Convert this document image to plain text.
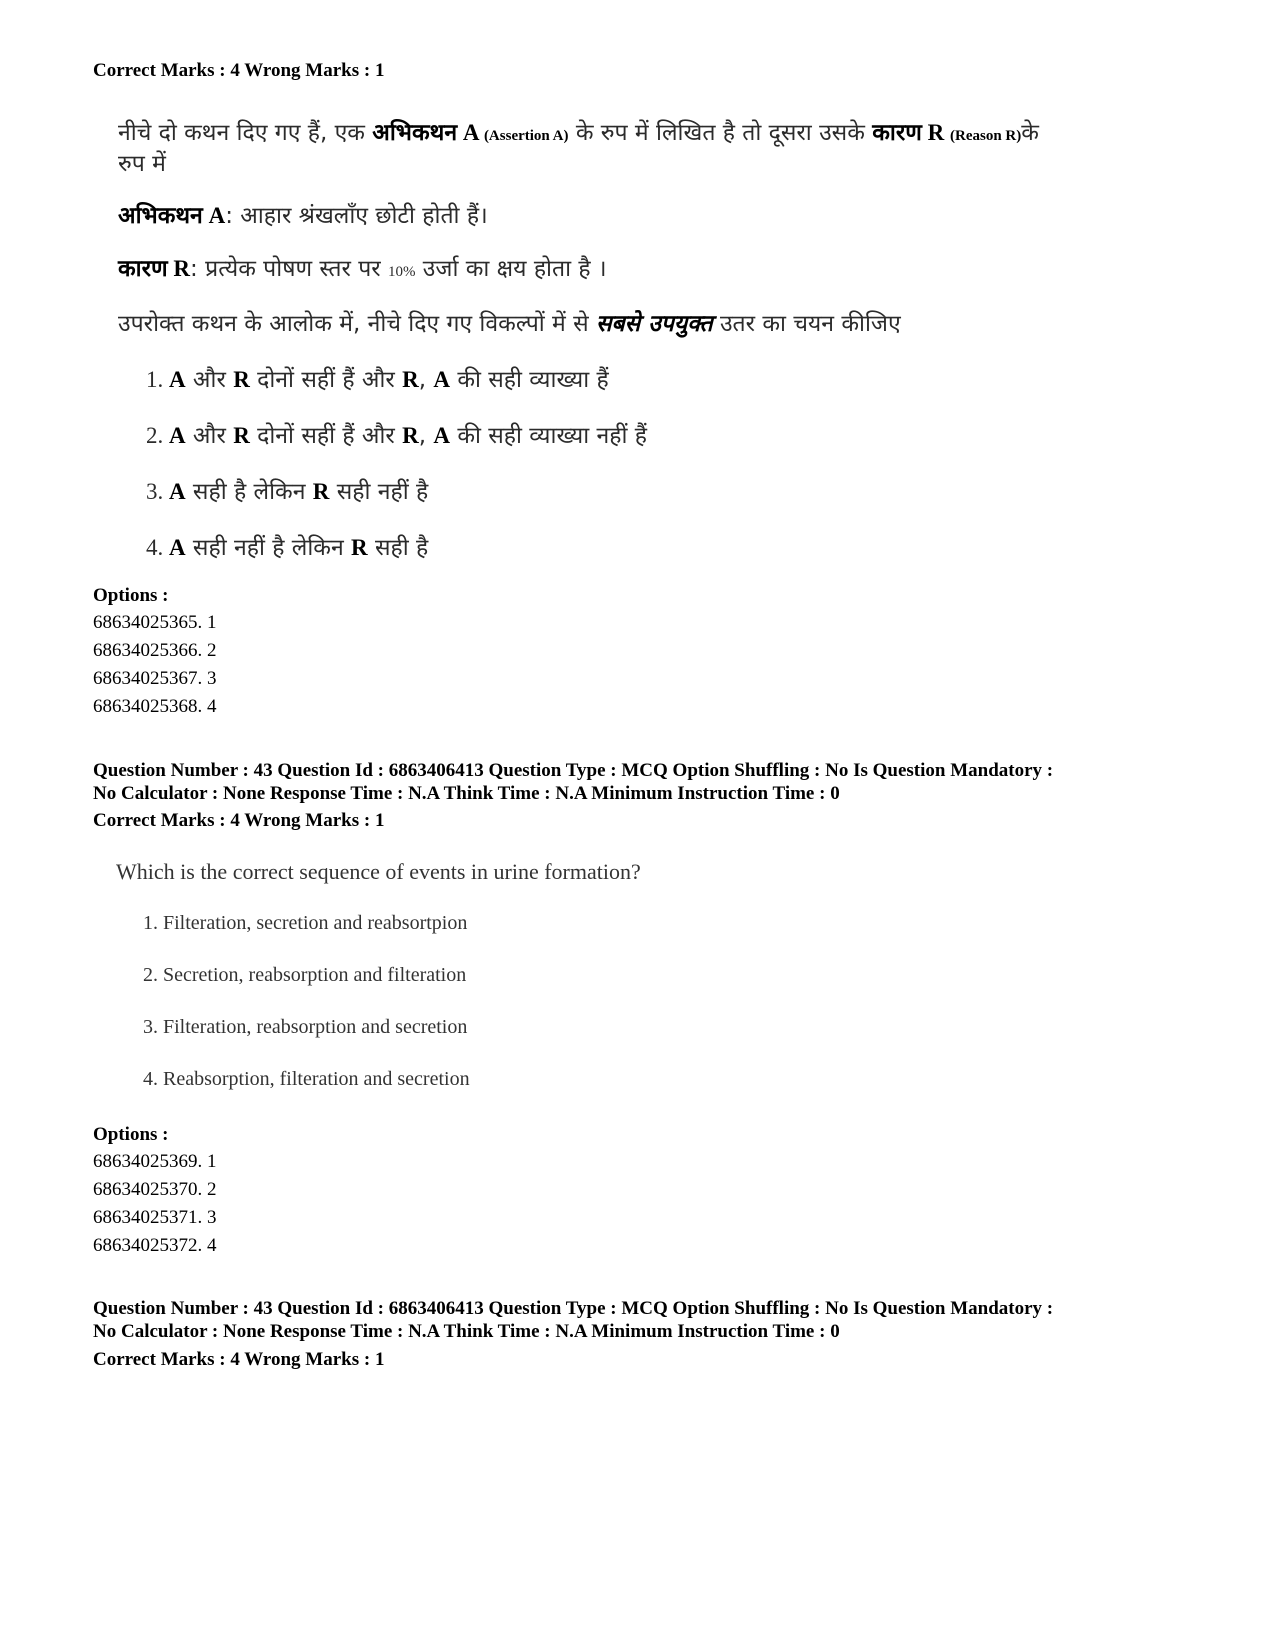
Correct Marks : 4 Wrong Marks : 1
नीचे दो कथन दिए गए हैं, एक अभिकथन A (Assertion A) के रुप में लिखित है तो दूसरा उसके कारण R (Reason R)के
रुप में
अभिकथन A: आहार श्रंखलाँए छोटी होती हैं।
कारण R: प्रत्येक पोषण स्तर पर 10% उर्जा का क्षय होता है ।
उपरोक्त कथन के आलोक में, नीचे दिए गए विकल्पों में से सबसे उपयुक्त उतर का चयन कीजिए
1. A और R दोनों सहीं हैं और R, A की सही व्याख्या हैं
2. A और R दोनों सहीं हैं और R, A की सही व्याख्या नहीं हैं
3. A सही है लेकिन R सही नहीं है
4. A सही नहीं है लेकिन R सही है
Options :
68634025365. 1
68634025366. 2
68634025367. 3
68634025368. 4
Question Number : 43 Question Id : 6863406413 Question Type : MCQ Option Shuffling : No Is Question Mandatory :
No Calculator : None Response Time : N.A Think Time : N.A Minimum Instruction Time : 0
Correct Marks : 4 Wrong Marks : 1
Which is the correct sequence of events in urine formation?
1. Filteration, secretion and reabsortpion
2. Secretion, reabsorption and filteration
3. Filteration, reabsorption and secretion
4. Reabsorption, filteration and secretion
Options :
68634025369. 1
68634025370. 2
68634025371. 3
68634025372. 4
Question Number : 43 Question Id : 6863406413 Question Type : MCQ Option Shuffling : No Is Question Mandatory :
No Calculator : None Response Time : N.A Think Time : N.A Minimum Instruction Time : 0
Correct Marks : 4 Wrong Marks : 1
